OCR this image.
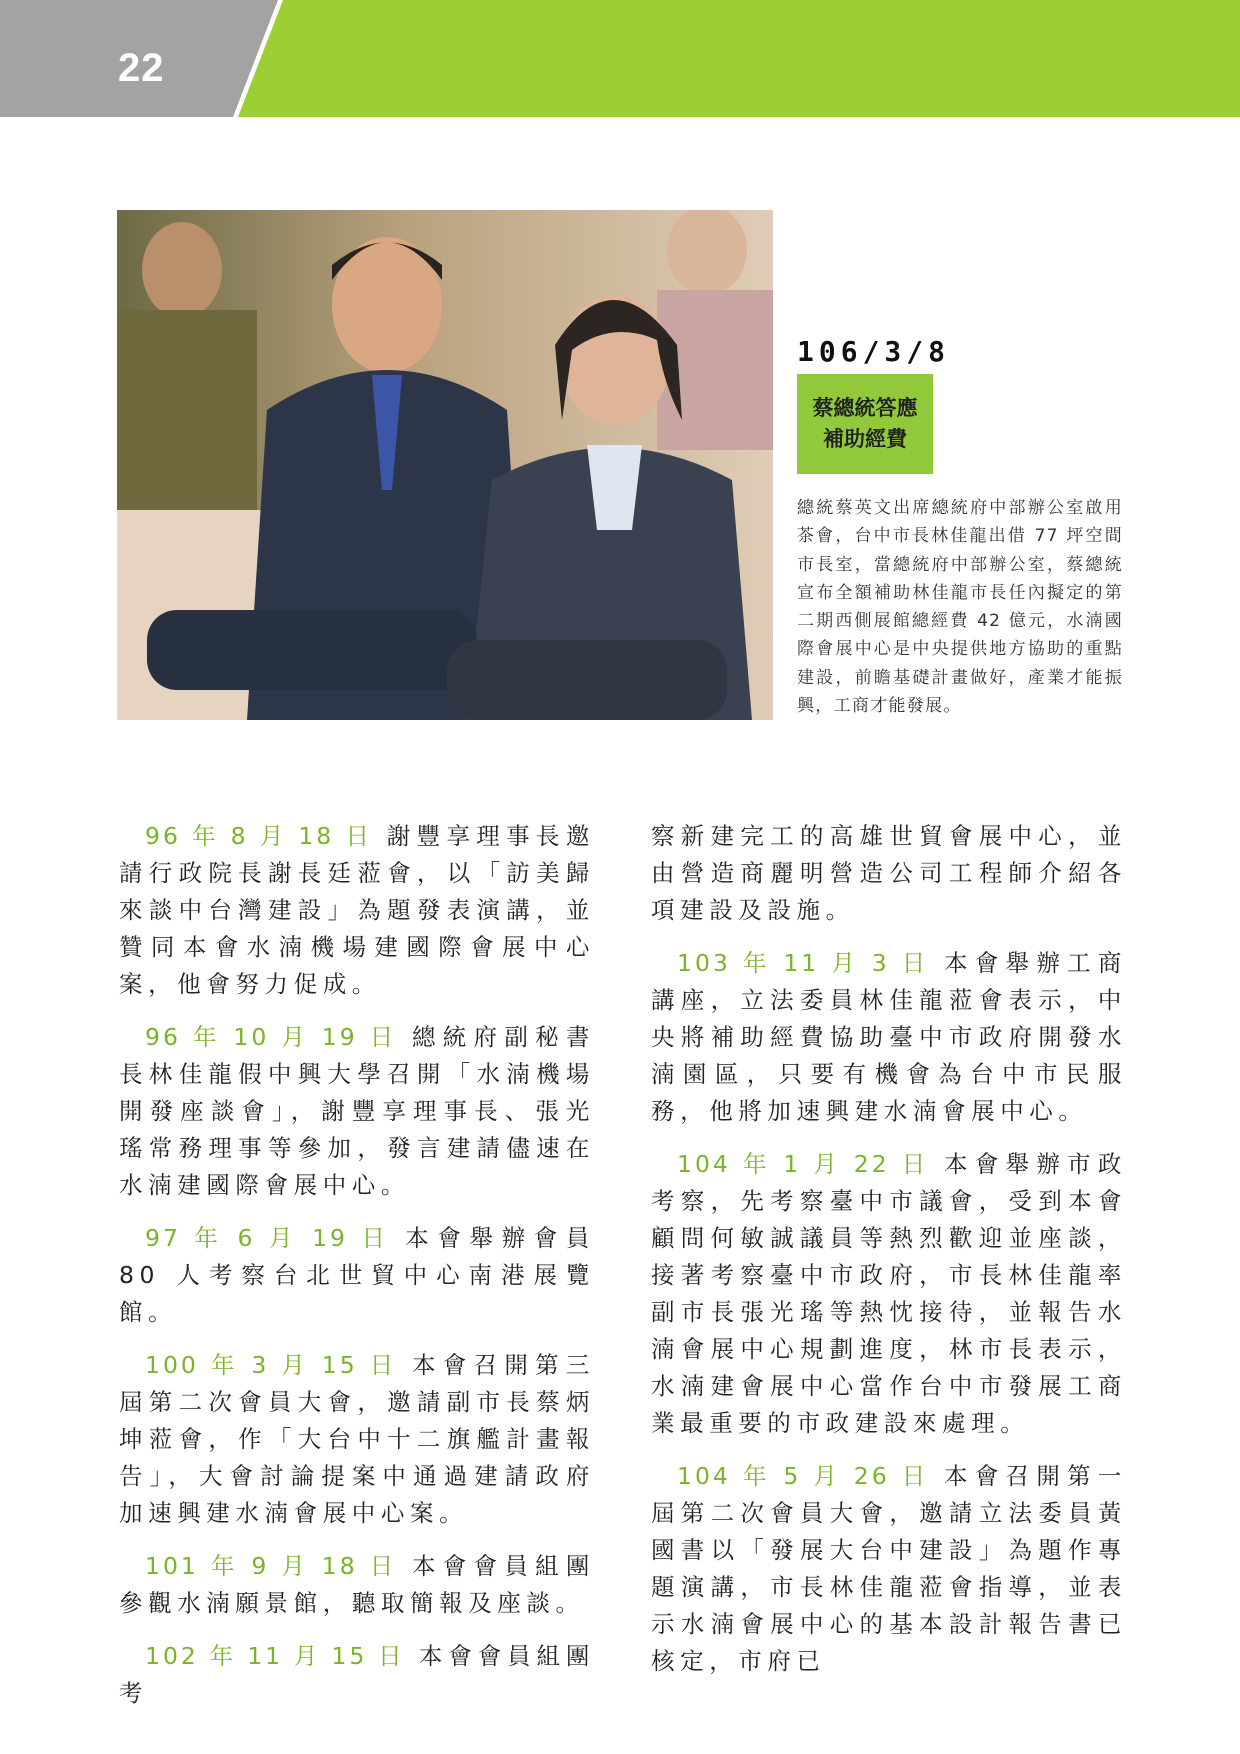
22
106/3/8
蔡總統答應
補助經費
總統蔡英文出席總統府中部辦公室啟用茶會，台中市長林佳龍出借 77 坪空間市長室，當總統府中部辦公室，蔡總統宣布全額補助林佳龍市長任內擬定的第二期西側展館總經費 42 億元，水湳國際會展中心是中央提供地方協助的重點建設，前瞻基礎計畫做好，產業才能振興，工商才能發展。

96 年 8 月 18 日 謝豐享理事長邀請行政院長謝長廷蒞會，以「訪美歸來談中台灣建設」為題發表演講，並贊同本會水湳機場建國際會展中心案，他會努力促成。

96 年 10 月 19 日 總統府副秘書長林佳龍假中興大學召開「水湳機場開發座談會」，謝豐享理事長、張光瑤常務理事等參加，發言建請儘速在水湳建國際會展中心。

97 年 6 月 19 日 本會舉辦會員 80 人考察台北世貿中心南港展覽館。

100 年 3 月 15 日 本會召開第三屆第二次會員大會，邀請副市長蔡炳坤蒞會，作「大台中十二旗艦計畫報告」，大會討論提案中通過建請政府加速興建水湳會展中心案。

101 年 9 月 18 日 本會會員組團參觀水湳願景館，聽取簡報及座談。

102 年 11 月 15 日 本會會員組團考

察新建完工的高雄世貿會展中心，並由營造商麗明營造公司工程師介紹各項建設及設施。

103 年 11 月 3 日 本會舉辦工商講座，立法委員林佳龍蒞會表示，中央將補助經費協助臺中市政府開發水湳園區，只要有機會為台中市民服務，他將加速興建水湳會展中心。

104 年 1 月 22 日 本會舉辦市政考察，先考察臺中市議會，受到本會顧問何敏誠議員等熱烈歡迎並座談，接著考察臺中市政府，市長林佳龍率副市長張光瑤等熱忱接待，並報告水湳會展中心規劃進度，林市長表示，水湳建會展中心當作台中市發展工商業最重要的市政建設來處理。

104 年 5 月 26 日 本會召開第一屆第二次會員大會，邀請立法委員黃國書以「發展大台中建設」為題作專題演講，市長林佳龍蒞會指導，並表示水湳會展中心的基本設計報告書已核定，市府已
